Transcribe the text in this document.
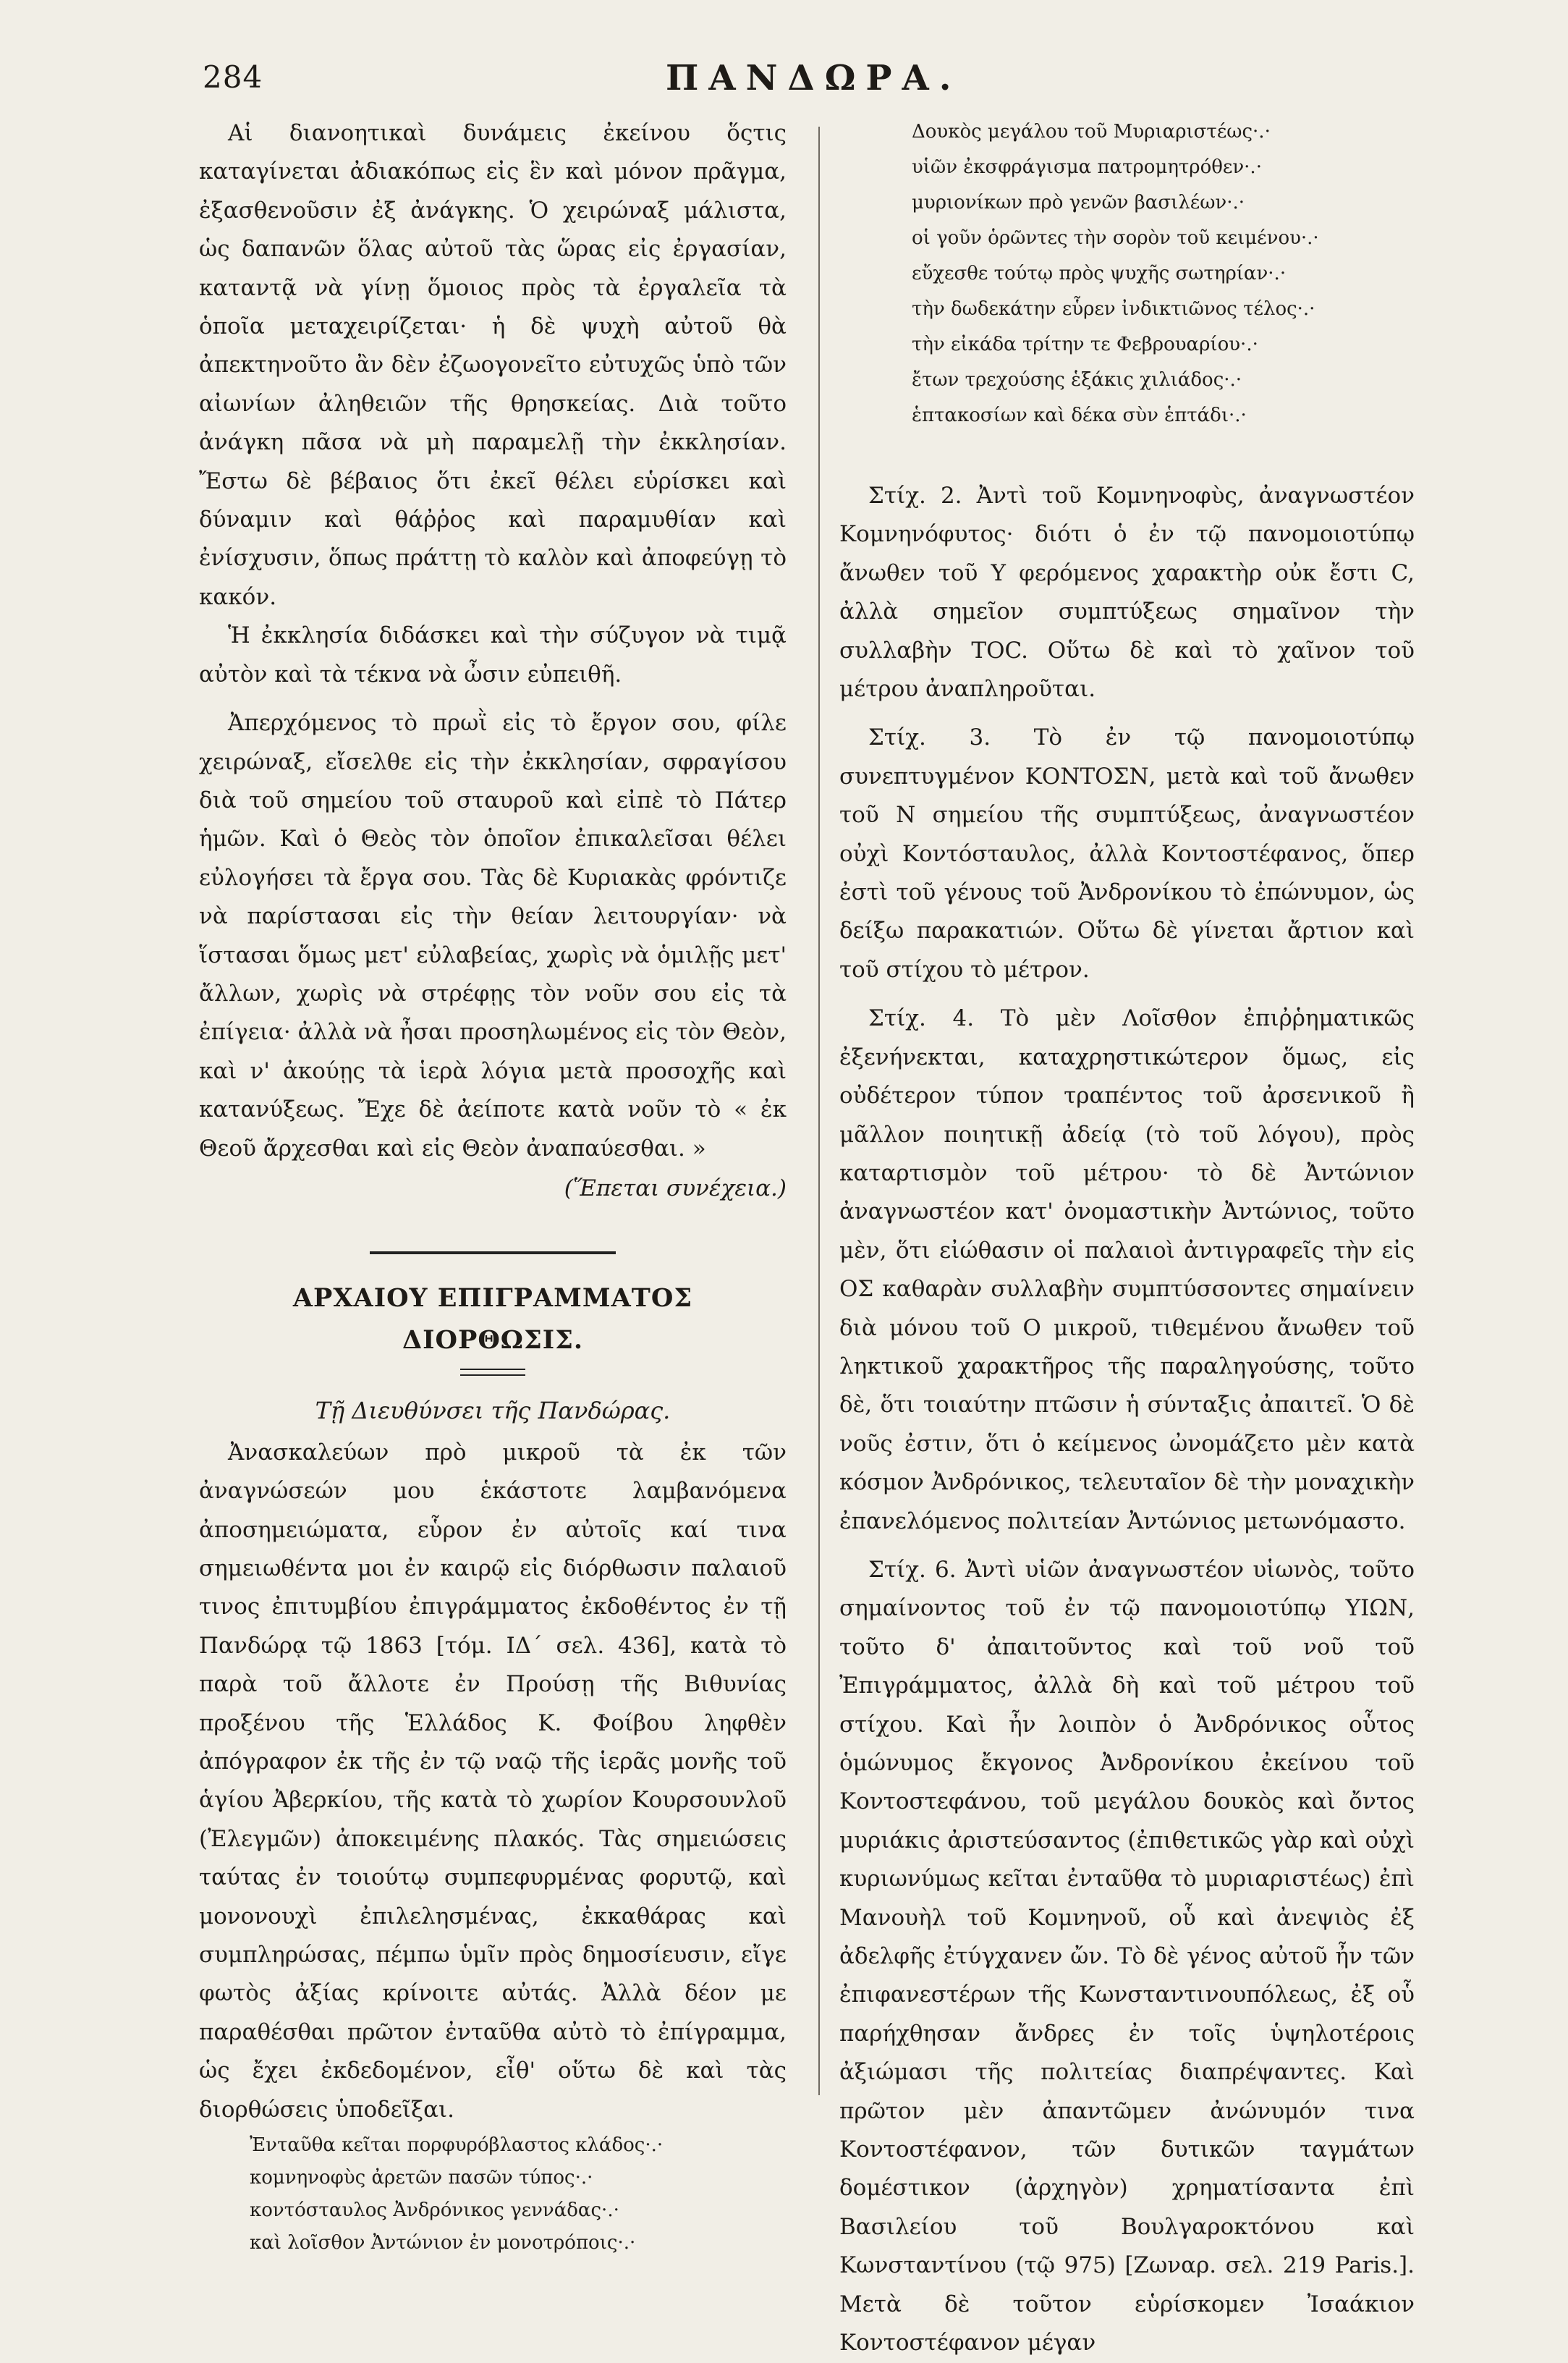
284	ΠΑΝΔΩΡΑ.

Αἱ διανοητικαὶ δυνάμεις ἐκείνου ὅςτις καταγίνεται ἀδιακόπως εἰς ἓν καὶ μόνον πρᾶγμα, ἐξασθενοῦσιν ἐξ ἀνάγκης. Ὁ χειρώναξ μάλιστα, ὡς δαπανῶν ὅλας αὐτοῦ τὰς ὥρας εἰς ἐργασίαν, καταντᾷ νὰ γίνῃ ὅμοιος πρὸς τὰ ἐργαλεῖα τὰ ὁποῖα μεταχειρίζεται· ἡ δὲ ψυχὴ αὐτοῦ θὰ ἀπεκτηνοῦτο ἂν δὲν ἐζωογονεῖτο εὐτυχῶς ὑπὸ τῶν αἰωνίων ἀληθειῶν τῆς θρησκείας. Διὰ τοῦτο ἀνάγκη πᾶσα νὰ μὴ παραμελῇ τὴν ἐκκλησίαν. Ἔστω δὲ βέβαιος ὅτι ἐκεῖ θέλει εὑρίσκει καὶ δύναμιν καὶ θάῤῥος καὶ παραμυθίαν καὶ ἐνίσχυσιν, ὅπως πράττῃ τὸ καλὸν καὶ ἀποφεύγῃ τὸ κακόν.

Ἡ ἐκκλησία διδάσκει καὶ τὴν σύζυγον νὰ τιμᾷ αὐτὸν καὶ τὰ τέκνα νὰ ὦσιν εὐπειθῆ.

Ἀπερχόμενος τὸ πρωῒ εἰς τὸ ἔργον σου, φίλε χειρώναξ, εἴσελθε εἰς τὴν ἐκκλησίαν, σφραγίσου διὰ τοῦ σημείου τοῦ σταυροῦ καὶ εἰπὲ τὸ Πάτερ ἡμῶν. Καὶ ὁ Θεὸς τὸν ὁποῖον ἐπικαλεῖσαι θέλει εὐλογήσει τὰ ἔργα σου. Τὰς δὲ Κυριακὰς φρόντιζε νὰ παρίστασαι εἰς τὴν θείαν λειτουργίαν· νὰ ἵστασαι ὅμως μετ' εὐλαβείας, χωρὶς νὰ ὁμιλῇς μετ' ἄλλων, χωρὶς νὰ στρέφῃς τὸν νοῦν σου εἰς τὰ ἐπίγεια· ἀλλὰ νὰ ἦσαι προσηλωμένος εἰς τὸν Θεὸν, καὶ ν' ἀκούῃς τὰ ἱερὰ λόγια μετὰ προσοχῆς καὶ κατανύξεως. Ἔχε δὲ ἀείποτε κατὰ νοῦν τὸ « ἐκ Θεοῦ ἄρχεσθαι καὶ εἰς Θεὸν ἀναπαύεσθαι. »

(Ἕπεται συνέχεια.)

ΑΡΧΑΙΟΥ ΕΠΙΓΡΑΜΜΑΤΟΣ ΔΙΟΡΘΩΣΙΣ.

Τῇ Διευθύνσει τῆς Πανδώρας.

Ἀνασκαλεύων πρὸ μικροῦ τὰ ἐκ τῶν ἀναγνώσεών μου ἑκάστοτε λαμβανόμενα ἀποσημειώματα, εὗρον ἐν αὐτοῖς καί τινα σημειωθέντα μοι ἐν καιρῷ εἰς διόρθωσιν παλαιοῦ τινος ἐπιτυμβίου ἐπιγράμματος ἐκδοθέντος ἐν τῇ Πανδώρᾳ τῷ 1863 [τόμ. ΙΔ΄ σελ. 436], κατὰ τὸ παρὰ τοῦ ἄλλοτε ἐν Προύσῃ τῆς Βιθυνίας προξένου τῆς Ἑλλάδος Κ. Φοίβου ληφθὲν ἀπόγραφον ἐκ τῆς ἐν τῷ ναῷ τῆς ἱερᾶς μονῆς τοῦ ἁγίου Ἀβερκίου, τῆς κατὰ τὸ χωρίον Κουρσουνλοῦ (Ἐλεγμῶν) ἀποκειμένης πλακός. Τὰς σημειώσεις ταύτας ἐν τοιούτῳ συμπεφυρμένας φορυτῷ, καὶ μονονουχὶ ἐπιλελησμένας, ἐκκαθάρας καὶ συμπληρώσας, πέμπω ὑμῖν πρὸς δημοσίευσιν, εἴγε φωτὸς ἀξίας κρίνοιτε αὐτάς. Ἀλλὰ δέον με παραθέσθαι πρῶτον ἐνταῦθα αὐτὸ τὸ ἐπίγραμμα, ὡς ἔχει ἐκδεδομένον, εἶθ' οὕτω δὲ καὶ τὰς διορθώσεις ὑποδεῖξαι.

Ἐνταῦθα κεῖται πορφυρόβλαστος κλάδος·.·
κομνηνοφὺς ἀρετῶν πασῶν τύπος·.·
κοντόσταυλος Ἀνδρόνικος γεννάδας·.·
καὶ λοῖσθον Ἀντώνιον ἐν μονοτρόποις·.·
Δουκὸς μεγάλου τοῦ Μυριαριστέως·.·
υἱῶν ἐκσφράγισμα πατρομητρόθεν·.·
μυριονίκων πρὸ γενῶν βασιλέων·.·
οἱ γοῦν ὁρῶντες τὴν σορὸν τοῦ κειμένου·.·
εὔχεσθε τούτῳ πρὸς ψυχῆς σωτηρίαν·.·
τὴν δωδεκάτην εὗρεν ἰνδικτιῶνος τέλος·.·
τὴν εἰκάδα τρίτην τε Φεβρουαρίου·.·
ἔτων τρεχούσης ἑξάκις χιλιάδος·.·
ἑπτακοσίων καὶ δέκα σὺν ἑπτάδι·.·

Στίχ. 2. Ἀντὶ τοῦ Κομνηνοφὺς, ἀναγνωστέον Κομνηνόφυτος· διότι ὁ ἐν τῷ πανομοιοτύπῳ ἄνωθεν τοῦ Υ φερόμενος χαρακτὴρ οὐκ ἔστι C, ἀλλὰ σημεῖον συμπτύξεως σημαῖνον τὴν συλλαβὴν ΤΟC. Οὕτω δὲ καὶ τὸ χαῖνον τοῦ μέτρου ἀναπληροῦται.

Στίχ. 3. Τὸ ἐν τῷ πανομοιοτύπῳ συνεπτυγμένον ΚΟΝΤΟΣΝ, μετὰ καὶ τοῦ ἄνωθεν τοῦ Ν σημείου τῆς συμπτύξεως, ἀναγνωστέον οὐχὶ Κοντόσταυλος, ἀλλὰ Κοντοστέφανος, ὅπερ ἐστὶ τοῦ γένους τοῦ Ἀνδρονίκου τὸ ἐπώνυμον, ὡς δείξω παρακατιών. Οὕτω δὲ γίνεται ἄρτιον καὶ τοῦ στίχου τὸ μέτρον.

Στίχ. 4. Τὸ μὲν Λοῖσθον ἐπιῤῥηματικῶς ἐξενήνεκται, καταχρηστικώτερον ὅμως, εἰς οὐδέτερον τύπον τραπέντος τοῦ ἀρσενικοῦ ἢ μᾶλλον ποιητικῇ ἀδείᾳ (τὸ τοῦ λόγου), πρὸς καταρτισμὸν τοῦ μέτρου· τὸ δὲ Ἀντώνιον ἀναγνωστέον κατ' ὀνομαστικὴν Ἀντώνιος, τοῦτο μὲν, ὅτι εἰώθασιν οἱ παλαιοὶ ἀντιγραφεῖς τὴν εἰς ΟΣ καθαρὰν συλλαβὴν συμπτύσσοντες σημαίνειν διὰ μόνου τοῦ Ο μικροῦ, τιθεμένου ἄνωθεν τοῦ ληκτικοῦ χαρακτῆρος τῆς παραληγούσης, τοῦτο δὲ, ὅτι τοιαύτην πτῶσιν ἡ σύνταξις ἀπαιτεῖ. Ὁ δὲ νοῦς ἐστιν, ὅτι ὁ κείμενος ὠνομάζετο μὲν κατὰ κόσμον Ἀνδρόνικος, τελευταῖον δὲ τὴν μοναχικὴν ἐπανελόμενος πολιτείαν Ἀντώνιος μετωνόμαστο.

Στίχ. 6. Ἀντὶ υἱῶν ἀναγνωστέον υἱωνὸς, τοῦτο σημαίνοντος τοῦ ἐν τῷ πανομοιοτύπῳ ΥΙΩΝ, τοῦτο δ' ἀπαιτοῦντος καὶ τοῦ νοῦ τοῦ Ἐπιγράμματος, ἀλλὰ δὴ καὶ τοῦ μέτρου τοῦ στίχου. Καὶ ἦν λοιπὸν ὁ Ἀνδρόνικος οὗτος ὁμώνυμος ἔκγονος Ἀνδρονίκου ἐκείνου τοῦ Κοντοστεφάνου, τοῦ μεγάλου δουκὸς καὶ ὄντος μυριάκις ἀριστεύσαντος (ἐπιθετικῶς γὰρ καὶ οὐχὶ κυριωνύμως κεῖται ἐνταῦθα τὸ μυριαριστέως) ἐπὶ Μανουὴλ τοῦ Κομνηνοῦ, οὗ καὶ ἀνεψιὸς ἐξ ἀδελφῆς ἐτύγχανεν ὤν. Τὸ δὲ γένος αὐτοῦ ἦν τῶν ἐπιφανεστέρων τῆς Κωνσταντινουπόλεως, ἐξ οὗ παρήχθησαν ἄνδρες ἐν τοῖς ὑψηλοτέροις ἀξιώμασι τῆς πολιτείας διαπρέψαντες. Καὶ πρῶτον μὲν ἀπαντῶμεν ἀνώνυμόν τινα Κοντοστέφανον, τῶν δυτικῶν ταγμάτων δομέστικον (ἀρχηγὸν) χρηματίσαντα ἐπὶ Βασιλείου τοῦ Βουλγαροκτόνου καὶ Κωνσταντίνου (τῷ 975) [Ζωναρ. σελ. 219 Paris.]. Μετὰ δὲ τοῦτον εὑρίσκομεν Ἰσαάκιον Κοντοστέφανον μέγαν
